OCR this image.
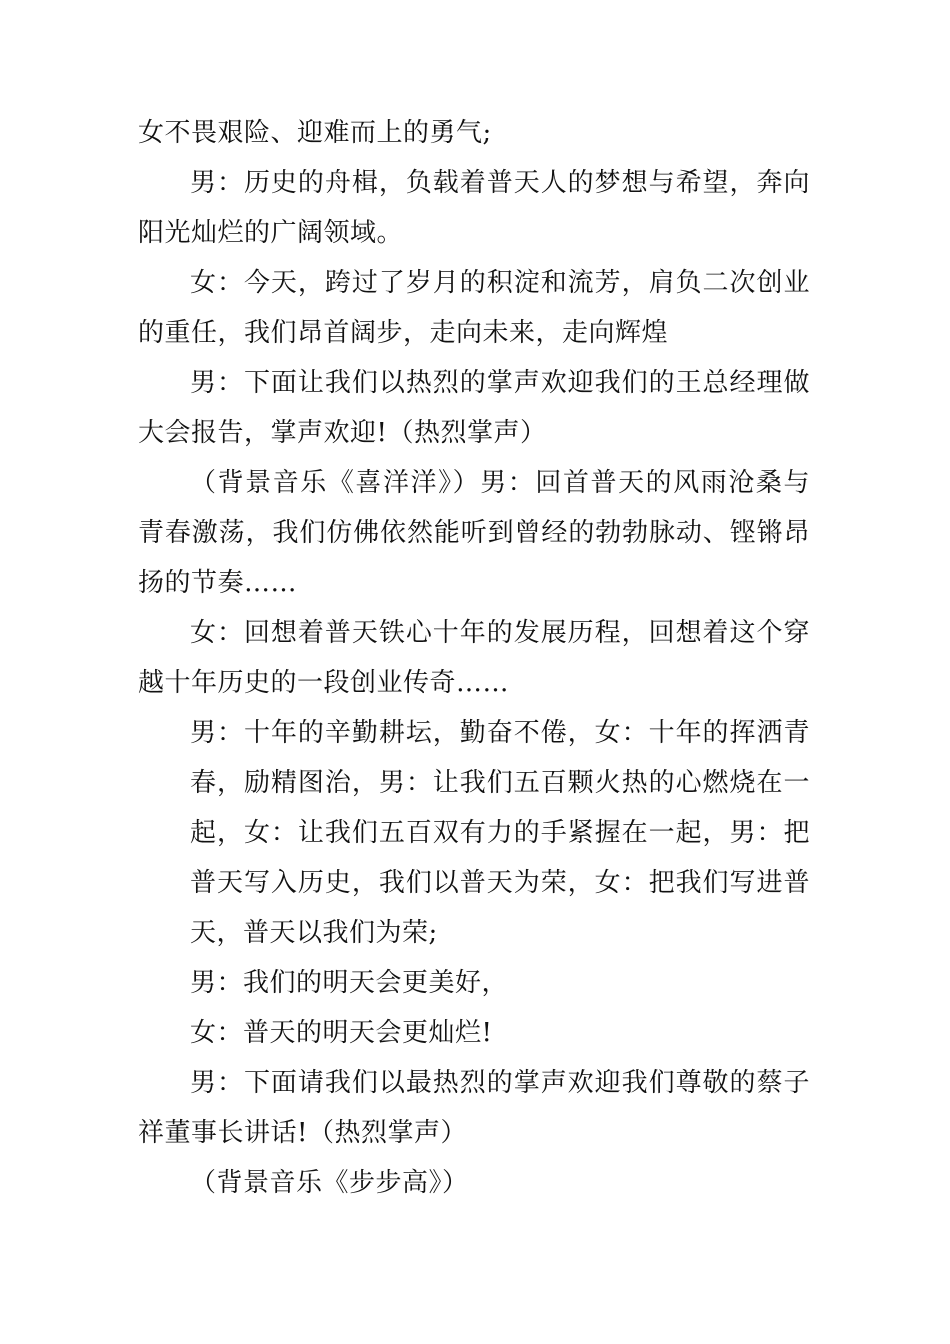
女不畏艰险、迎难而上的勇气;

男：历史的舟楫，负载着普天人的梦想与希望，奔向阳光灿烂的广阔领域。

女：今天，跨过了岁月的积淀和流芳，肩负二次创业的重任，我们昂首阔步，走向未来，走向辉煌

男：下面让我们以热烈的掌声欢迎我们的王总经理做大会报告，掌声欢迎!（热烈掌声）

（背景音乐《喜洋洋》）男：回首普天的风雨沧桑与青春激荡，我们仿佛依然能听到曾经的勃勃脉动、铿锵昂扬的节奏……

女：回想着普天铁心十年的发展历程，回想着这个穿越十年历史的一段创业传奇……

男：十年的辛勤耕坛，勤奋不倦，女：十年的挥洒青春，励精图治，男：让我们五百颗火热的心燃烧在一起，女：让我们五百双有力的手紧握在一起，男：把普天写入历史，我们以普天为荣，女：把我们写进普天，普天以我们为荣;

男：我们的明天会更美好，

女：普天的明天会更灿烂!

男：下面请我们以最热烈的掌声欢迎我们尊敬的蔡子祥董事长讲话!（热烈掌声）

（背景音乐《步步高》）
